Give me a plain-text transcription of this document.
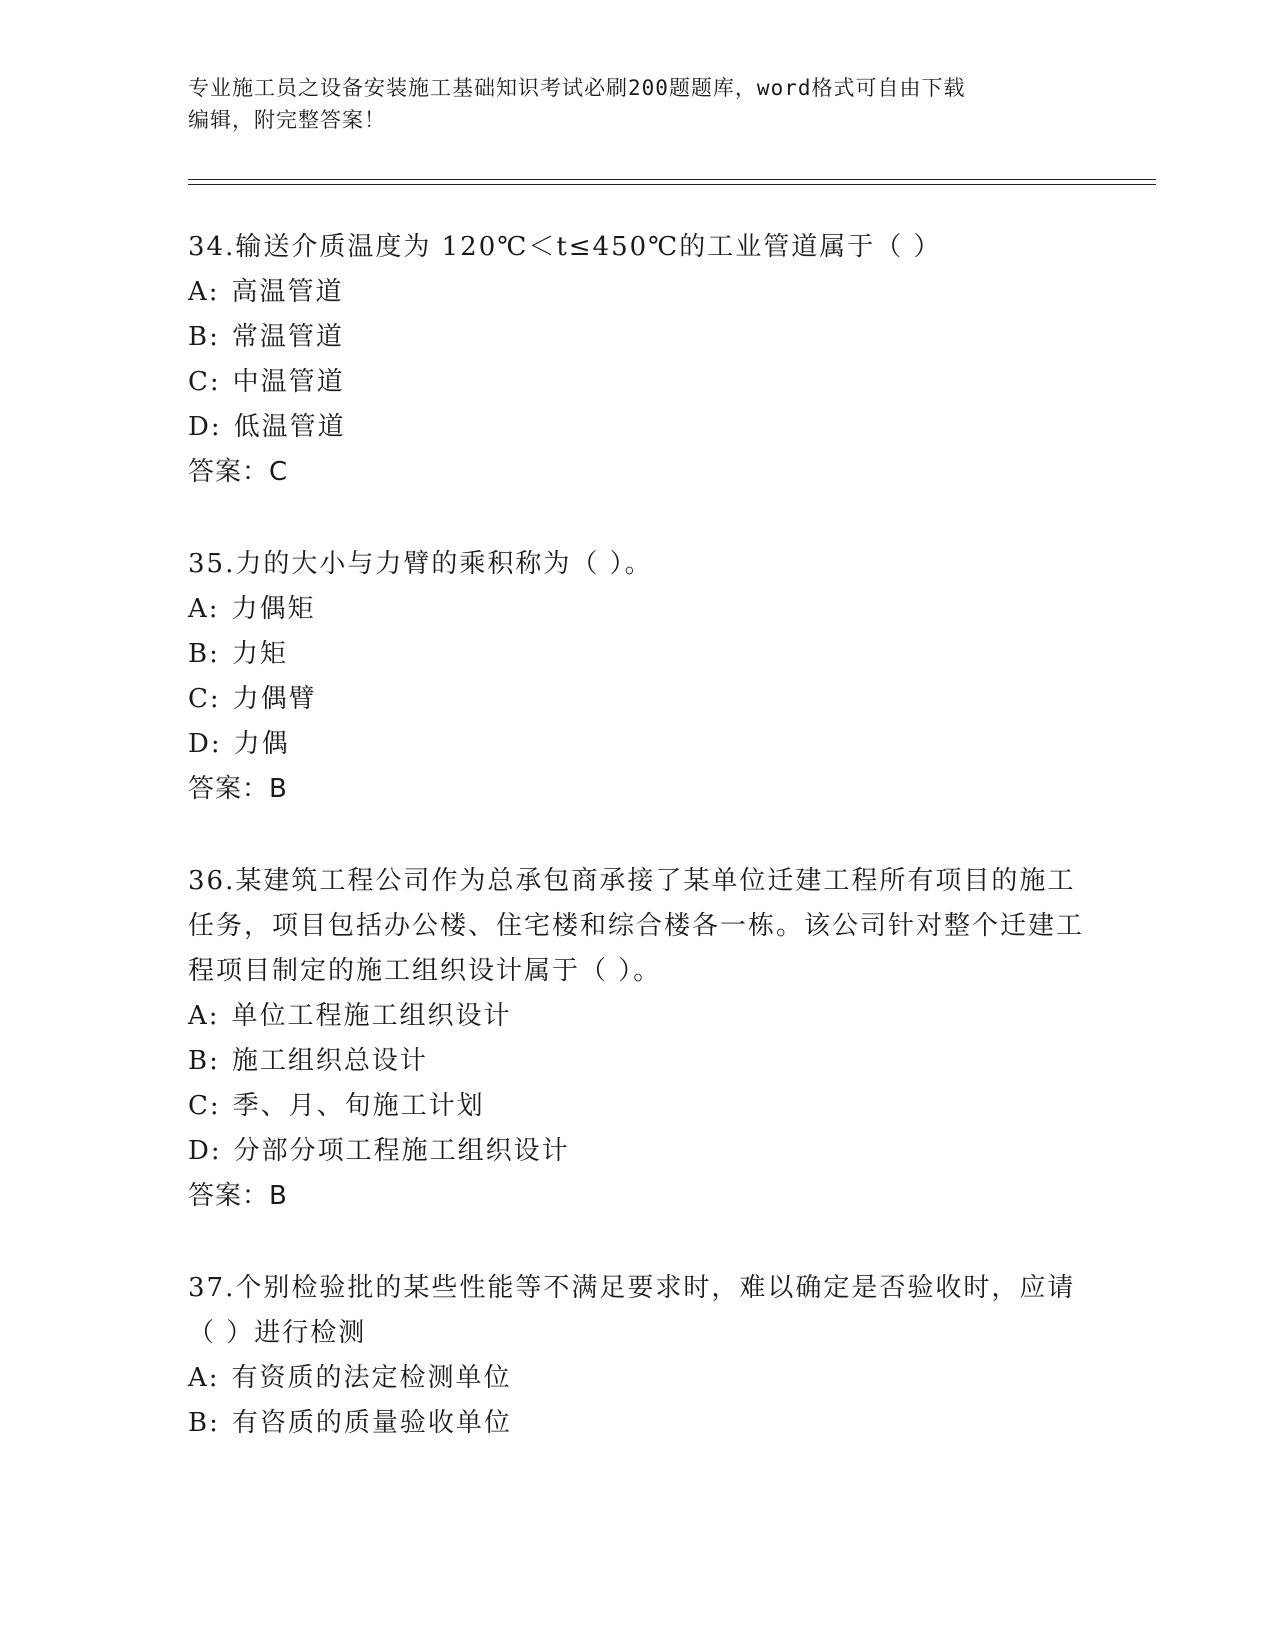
专业施工员之设备安装施工基础知识考试必刷200题题库，word格式可自由下载
编辑，附完整答案！

34.输送介质温度为 120℃＜t≤450℃的工业管道属于（ ）

A: 高温管道
B: 常温管道
C: 中温管道
D: 低温管道
答案：C

35.力的大小与力臂的乘积称为（ ）。

A: 力偶矩
B: 力矩
C: 力偶臂
D: 力偶
答案：B

36.某建筑工程公司作为总承包商承接了某单位迁建工程所有项目的施工任务，项目包括办公楼、住宅楼和综合楼各一栋。该公司针对整个迁建工程项目制定的施工组织设计属于（ ）。

A: 单位工程施工组织设计
B: 施工组织总设计
C: 季、月、旬施工计划
D: 分部分项工程施工组织设计
答案：B

37.个别检验批的某些性能等不满足要求时，难以确定是否验收时，应请（ ）进行检测

A: 有资质的法定检测单位
B: 有咨质的质量验收单位
